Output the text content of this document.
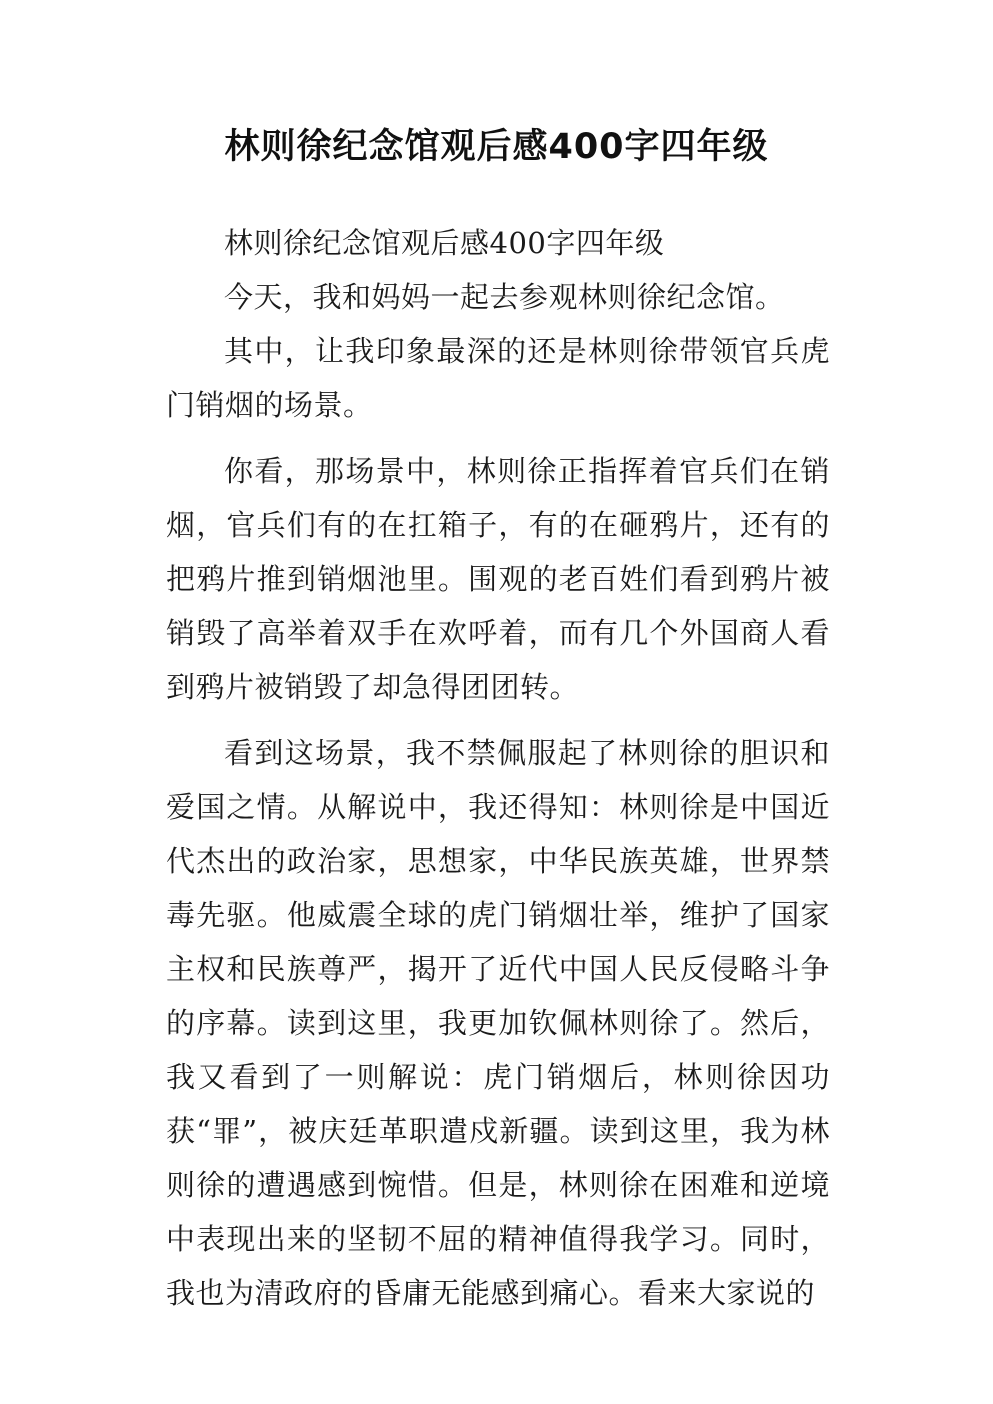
林则徐纪念馆观后感400字四年级

林则徐纪念馆观后感400字四年级

今天，我和妈妈一起去参观林则徐纪念馆。

其中，让我印象最深的还是林则徐带领官兵虎门销烟的场景。

你看，那场景中，林则徐正指挥着官兵们在销烟，官兵们有的在扛箱子，有的在砸鸦片，还有的把鸦片推到销烟池里。围观的老百姓们看到鸦片被销毁了高举着双手在欢呼着，而有几个外国商人看到鸦片被销毁了却急得团团转。

看到这场景，我不禁佩服起了林则徐的胆识和爱国之情。从解说中，我还得知：林则徐是中国近代杰出的政治家，思想家，中华民族英雄，世界禁毒先驱。他威震全球的虎门销烟壮举，维护了国家主权和民族尊严，揭开了近代中国人民反侵略斗争的序幕。读到这里，我更加钦佩林则徐了。然后，我又看到了一则解说：虎门销烟后，林则徐因功获“罪”，被庆廷革职遣戍新疆。读到这里，我为林则徐的遭遇感到惋惜。但是，林则徐在困难和逆境中表现出来的坚韧不屈的精神值得我学习。同时，我也为清政府的昏庸无能感到痛心。看来大家说的
